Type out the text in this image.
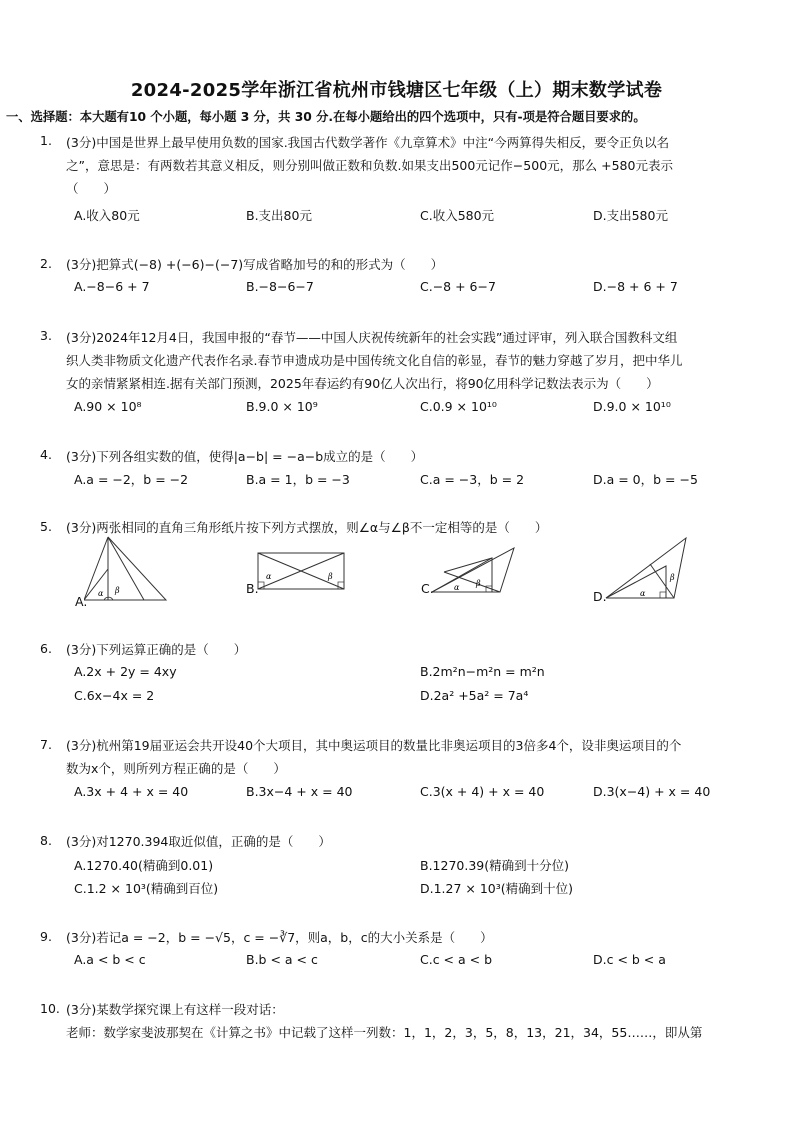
2024-2025学年浙江省杭州市钱塘区七年级（上）期末数学试卷
一、选择题：本大题有10 个小题，每小题 3 分，共 30 分.在每小题给出的四个选项中，只有-项是符合题目要求的。
1. (3分)中国是世界上最早使用负数的国家.我国古代数学著作《九章算术》中注“今两算得失相反，要令正负以名
之”，意思是：有两数若其意义相反，则分别叫做正数和负数.如果支出500元记作−500元，那么 +580元表示
（　　）
A.收入80元	B.支出80元	C.收入580元	D.支出580元
2. (3分)把算式(−8) +(−6)−(−7)写成省略加号的和的形式为（　　）
A.−8−6 + 7	B.−8−6−7	C.−8 + 6−7	D.−8 + 6 + 7
3. (3分)2024年12月4日，我国申报的“春节——中国人庆祝传统新年的社会实践”通过评审，列入联合国教科文组
织人类非物质文化遗产代表作名录.春节申遗成功是中国传统文化自信的彰显，春节的魅力穿越了岁月，把中华儿
女的亲情紧紧相连.据有关部门预测，2025年春运约有90亿人次出行，将90亿用科学记数法表示为（　　）
A.90 × 10⁸	B.9.0 × 10⁹	C.0.9 × 10¹⁰	D.9.0 × 10¹⁰
4. (3分)下列各组实数的值，使得|a−b| = −a−b成立的是（　　）
A.a = −2，b = −2	B.a = 1，b = −3	C.a = −3，b = 2	D.a = 0，b = −5
5. (3分)两张相同的直角三角形纸片按下列方式摆放，则∠α与∠β不一定相等的是（　　）
A.
α β	B.
α	β
C.	α β
D.	α
β
6. (3分)下列运算正确的是（　　）
A.2x + 2y = 4xy	B.2m²n−m²n = m²n
C.6x−4x = 2	D.2a² +5a² = 7a⁴
7. (3分)杭州第19届亚运会共开设40个大项目，其中奥运项目的数量比非奥运项目的3倍多4个，设非奥运项目的个
数为x个，则所列方程正确的是（　　）
A.3x + 4 + x = 40	B.3x−4 + x = 40	C.3(x + 4) + x = 40	D.3(x−4) + x = 40
8. (3分)对1270.394取近似值，正确的是（　　）
A.1270.40(精确到0.01)	B.1270.39(精确到十分位)
C.1.2 × 10³(精确到百位)	D.1.27 × 10³(精确到十位)
9. (3分)若记a = −2，b = −√5，c = −∛7，则a，b，c的大小关系是（　　）
A.a < b < c	B.b < a < c	C.c < a < b	D.c < b < a
10. (3分)某数学探究课上有这样一段对话：
老师：数学家斐波那契在《计算之书》中记载了这样一列数：1，1，2，3，5，8，13，21，34，55……，即从第
